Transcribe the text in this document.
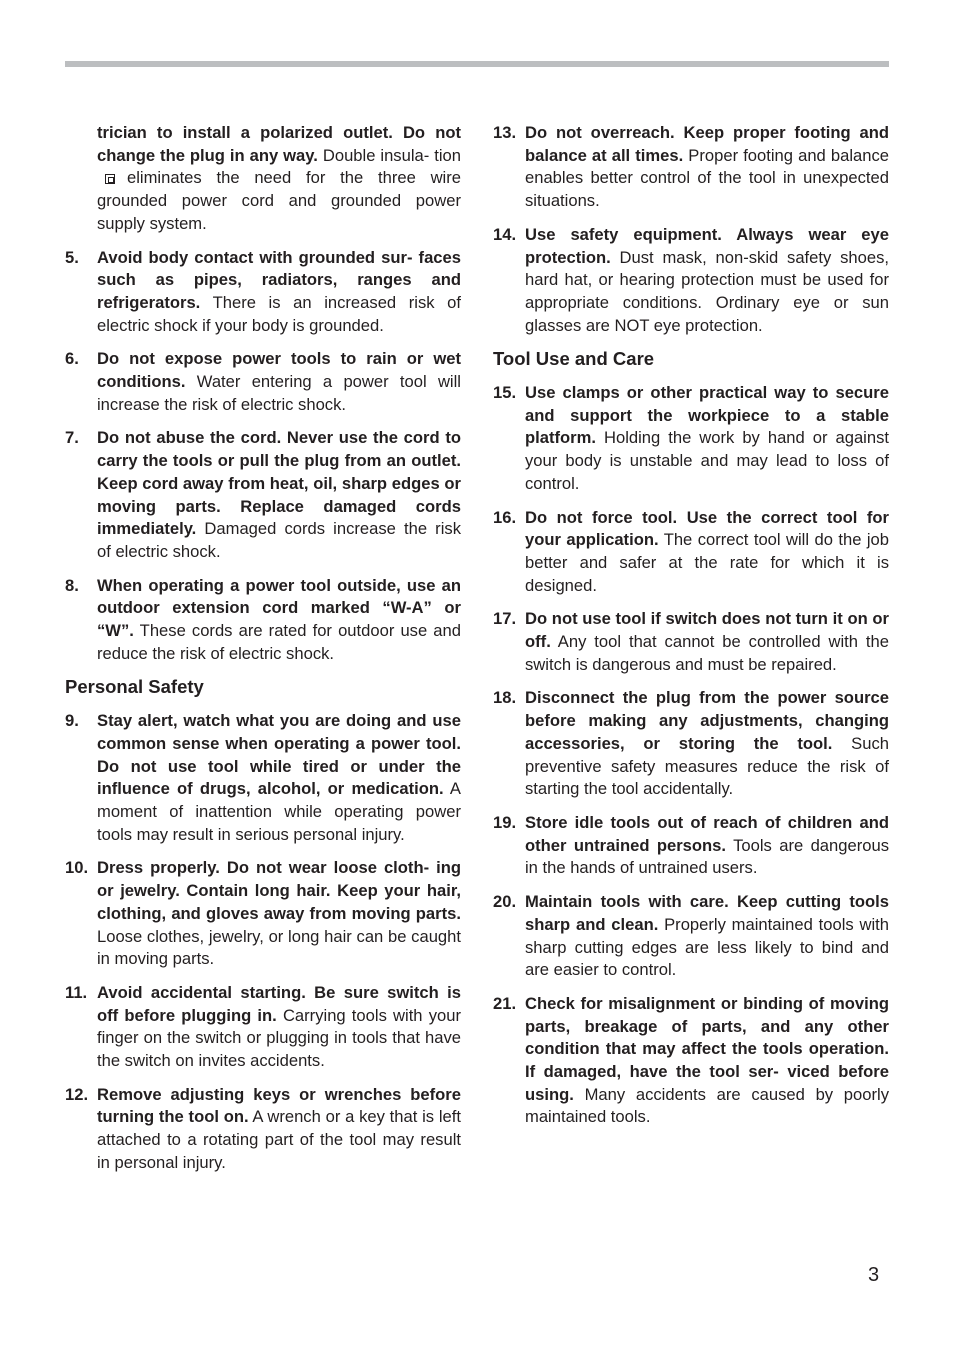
trician to install a polarized outlet. Do not change the plug in any way. Double insula- tioneliminates the need for the three wire grounded power cord and grounded power supply system.
5. Avoid body contact with grounded sur- faces such as pipes, radiators, ranges and refrigerators. There is an increased risk of electric shock if your body is grounded.
6. Do not expose power tools to rain or wet conditions. Water entering a power tool will increase the risk of electric shock.
7. Do not abuse the cord. Never use the cord to carry the tools or pull the plug from an outlet. Keep cord away from heat, oil, sharp edges or moving parts. Replace damaged cords immediately. Damaged cords increase the risk of electric shock.
8. When operating a power tool outside, use an outdoor extension cord marked “W-A” or “W”. These cords are rated for outdoor use and reduce the risk of electric shock.
Personal Safety
9. Stay alert, watch what you are doing and use common sense when operating a power tool. Do not use tool while tired or under the influence of drugs, alcohol, or medication. A moment of inattention while operating power tools may result in serious personal injury.
10. Dress properly. Do not wear loose cloth- ing or jewelry. Contain long hair. Keep your hair, clothing, and gloves away from moving parts. Loose clothes, jewelry, or long hair can be caught in moving parts.
11. Avoid accidental starting. Be sure switch is off before plugging in. Carrying tools with your finger on the switch or plugging in tools that have the switch on invites accidents.
12. Remove adjusting keys or wrenches before turning the tool on. A wrench or a key that is left attached to a rotating part of the tool may result in personal injury.
13. Do not overreach. Keep proper footing and balance at all times. Proper footing and balance enables better control of the tool in unexpected situations.
14. Use safety equipment. Always wear eye protection. Dust mask, non-skid safety shoes, hard hat, or hearing protection must be used for appropriate conditions. Ordinary eye or sun glasses are NOT eye protection.
Tool Use and Care
15. Use clamps or other practical way to secure and support the workpiece to a stable platform. Holding the work by hand or against your body is unstable and may lead to loss of control.
16. Do not force tool. Use the correct tool for your application. The correct tool will do the job better and safer at the rate for which it is designed.
17. Do not use tool if switch does not turn it on or off. Any tool that cannot be controlled with the switch is dangerous and must be repaired.
18. Disconnect the plug from the power source before making any adjustments, changing accessories, or storing the tool. Such preventive safety measures reduce the risk of starting the tool accidentally.
19. Store idle tools out of reach of children and other untrained persons. Tools are dangerous in the hands of untrained users.
20. Maintain tools with care. Keep cutting tools sharp and clean. Properly maintained tools with sharp cutting edges are less likely to bind and are easier to control.
21. Check for misalignment or binding of moving parts, breakage of parts, and any other condition that may affect the tools operation. If damaged, have the tool ser- viced before using. Many accidents are caused by poorly maintained tools.
3
